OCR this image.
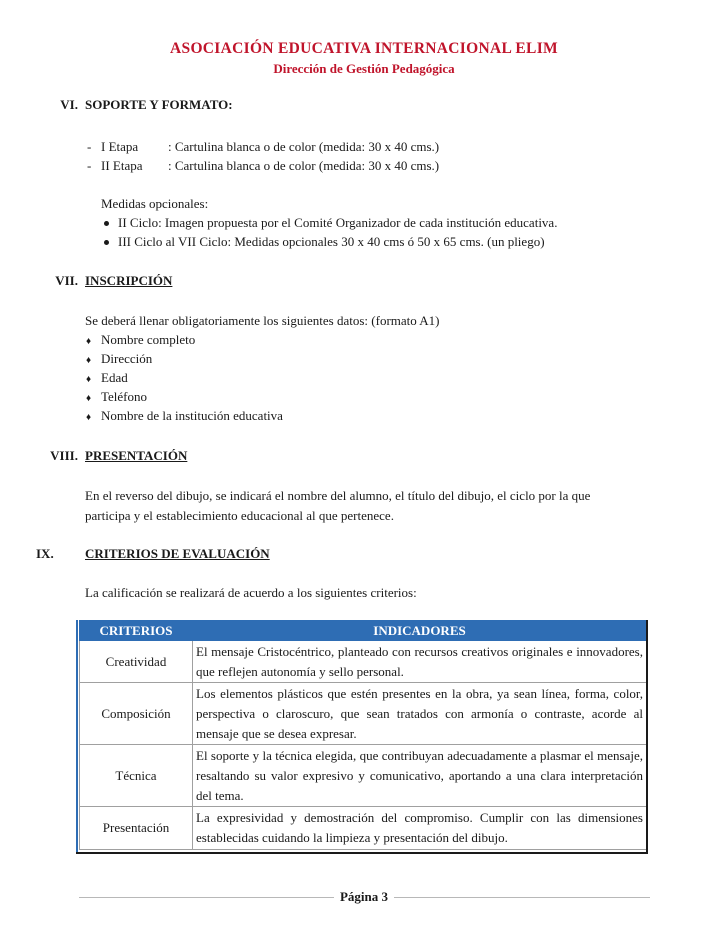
ASOCIACIÓN EDUCATIVA INTERNACIONAL ELIM
Dirección de Gestión Pedagógica
VI. SOPORTE Y FORMATO:
- I Etapa : Cartulina blanca o de color (medida: 30 x 40 cms.)
- II Etapa : Cartulina blanca o de color (medida: 30 x 40 cms.)
Medidas opcionales:
II Ciclo: Imagen propuesta por el Comité Organizador de cada institución educativa.
III Ciclo al VII Ciclo: Medidas opcionales 30 x 40 cms ó 50 x 65 cms. (un pliego)
VII. INSCRIPCIÓN
Se deberá llenar obligatoriamente los siguientes datos: (formato A1)
♦ Nombre completo
♦ Dirección
♦ Edad
♦ Teléfono
♦ Nombre de la institución educativa
VIII. PRESENTACIÓN
En el reverso del dibujo, se indicará el nombre del alumno, el título del dibujo, el ciclo por la que
participa y el establecimiento educacional al que pertenece.
IX. CRITERIOS DE EVALUACIÓN
La calificación se realizará de acuerdo a los siguientes criterios:
CRITERIOS	INDICADORES
Creatividad	El mensaje Cristocéntrico, planteado con recursos creativos originales e innovadores, que reflejen autonomía y sello personal.
Composición	Los elementos plásticos que estén presentes en la obra, ya sean línea, forma, color, perspectiva o claroscuro, que sean tratados con armonía o contraste, acorde al mensaje que se desea expresar.
Técnica	El soporte y la técnica elegida, que contribuyan adecuadamente a plasmar el mensaje, resaltando su valor expresivo y comunicativo, aportando a una clara interpretación del tema.
Presentación	La expresividad y demostración del compromiso. Cumplir con las dimensiones establecidas cuidando la limpieza y presentación del dibujo.
Página 3
